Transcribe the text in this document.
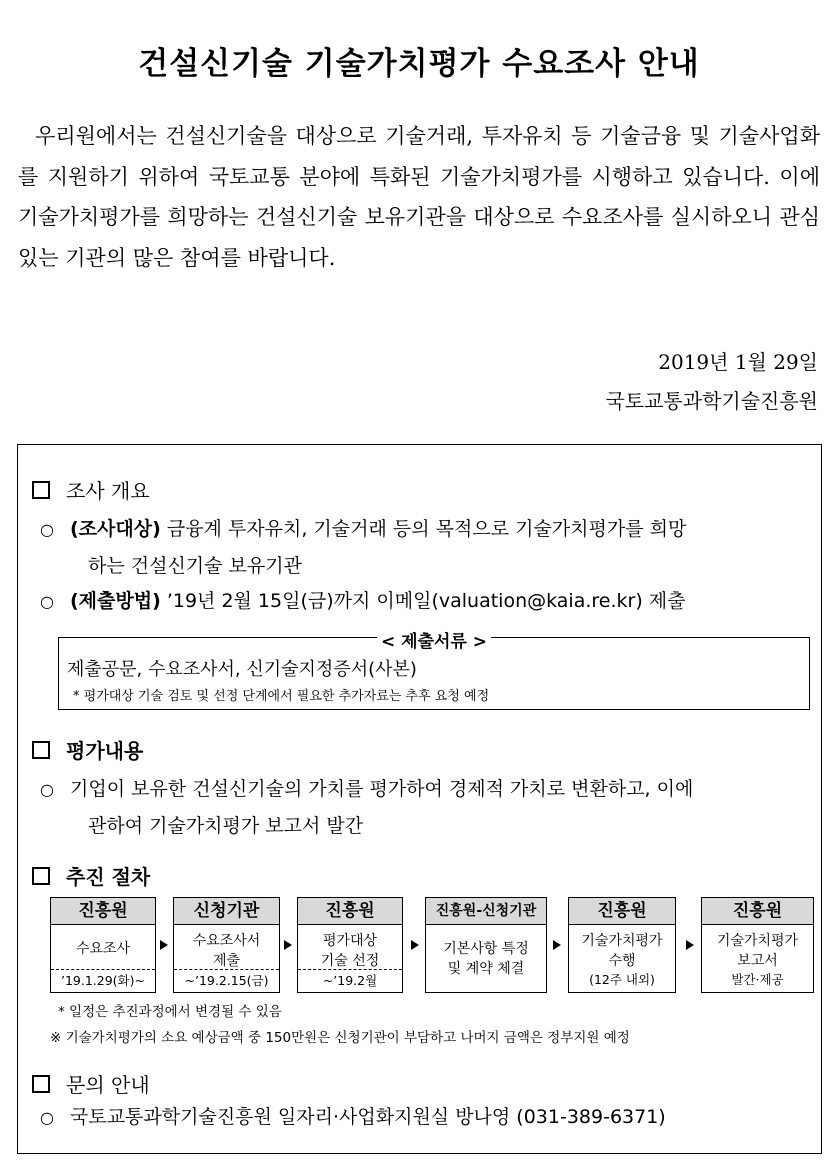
건설신기술 기술가치평가 수요조사 안내
우리원에서는 건설신기술을 대상으로 기술거래, 투자유치 등 기술금융 및 기술사업화를 지원하기 위하여 국토교통 분야에 특화된 기술가치평가를 시행하고 있습니다. 이에 기술가치평가를 희망하는 건설신기술 보유기관을 대상으로 수요조사를 실시하오니 관심있는 기관의 많은 참여를 바랍니다.
2019년 1월 29일
국토교통과학기술진흥원
조사 개요
○ (조사대상) 금융계 투자유치, 기술거래 등의 목적으로 기술가치평가를 희망
하는 건설신기술 보유기관
○ (제출방법) ’19년 2월 15일(금)까지 이메일(valuation@kaia.re.kr) 제출
< 제출서류 >
제출공문, 수요조사서, 신기술지정증서(사본)
* 평가대상 기술 검토 및 선정 단계에서 필요한 추가자료는 추후 요청 예정
평가내용
○ 기업이 보유한 건설신기술의 가치를 평가하여 경제적 가치로 변환하고, 이에
관하여 기술가치평가 보고서 발간
추진 절차
진흥원
수요조사
’19.1.29(화)~
신청기관
수요조사서
제출
~’19.2.15(금)
진흥원
평가대상
기술 선정
~’19.2월
진흥원-신청기관
기본사항 특정
및 계약 체결
진흥원
기술가치평가
수행
(12주 내외)
진흥원
기술가치평가
보고서
발간·제공
* 일정은 추진과정에서 변경될 수 있음
※ 기술가치평가의 소요 예상금액 중 150만원은 신청기관이 부담하고 나머지 금액은 정부지원 예정
문의 안내
○ 국토교통과학기술진흥원 일자리·사업화지원실 방나영 (031-389-6371)
